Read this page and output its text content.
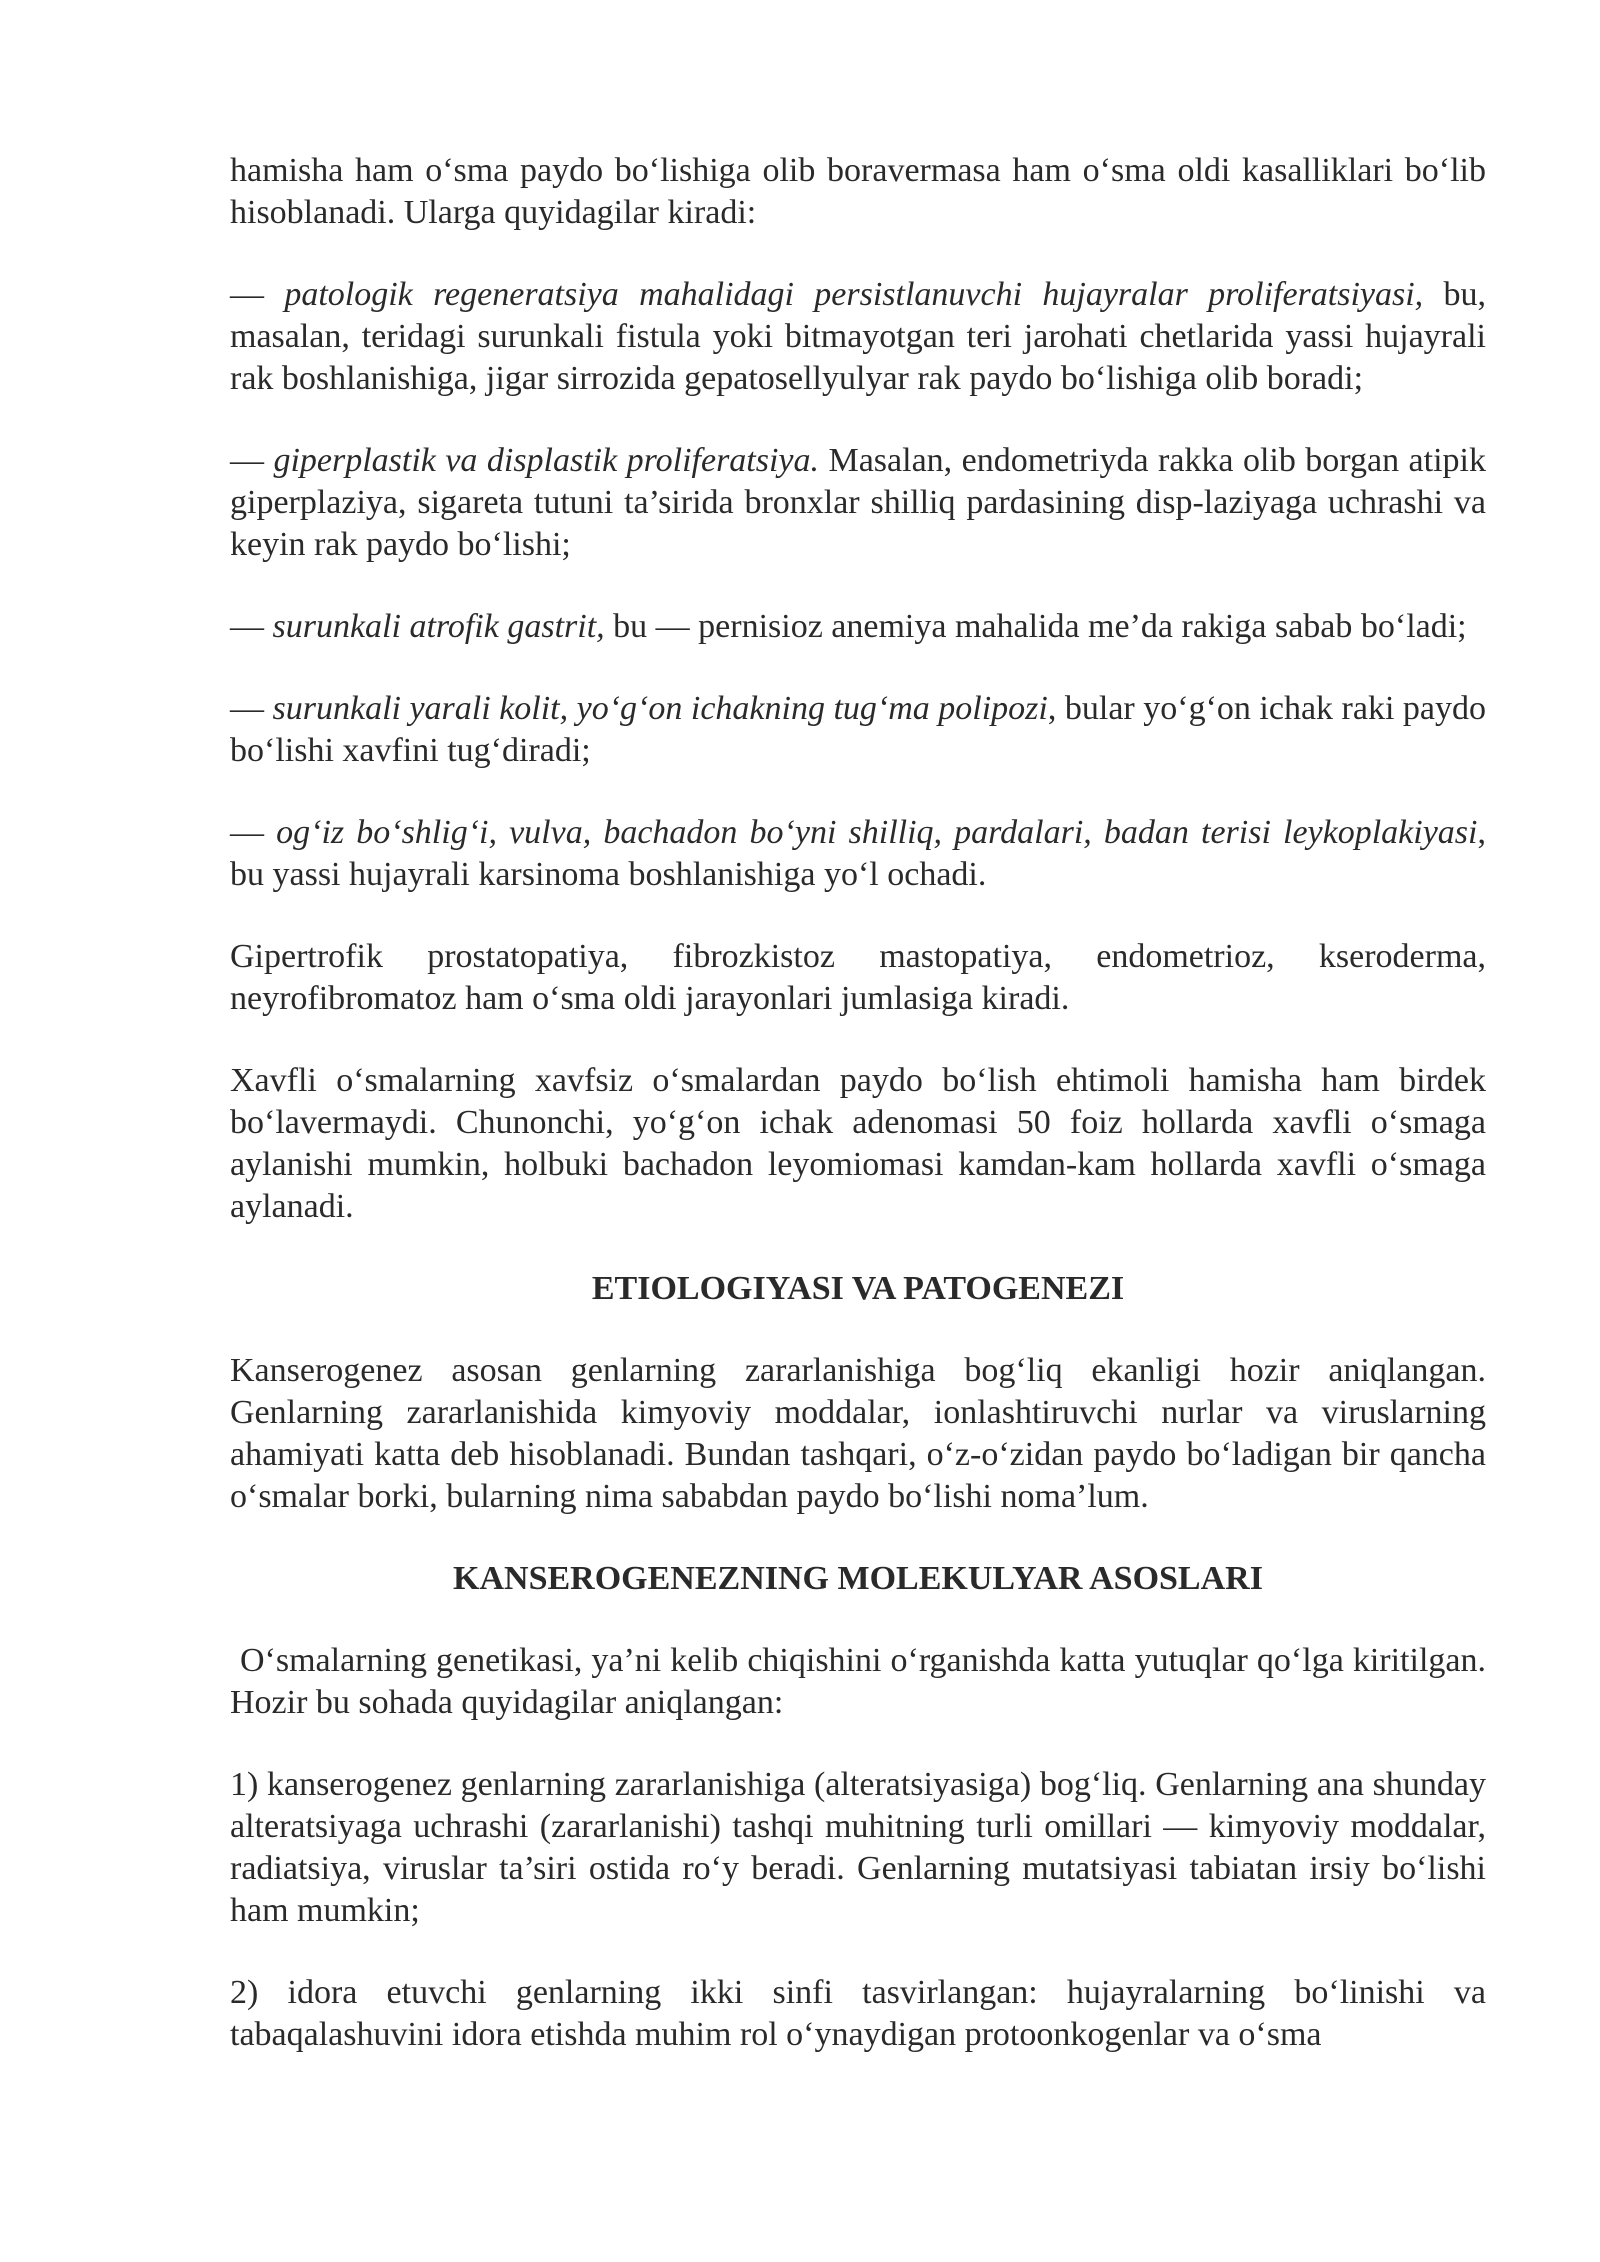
hamisha ham oʻsma paydo boʻlishiga olib boravermasa ham oʻsma oldi kasalliklari boʻlib hisoblanadi. Ularga quyidagilar kiradi:

— patologik regeneratsiya mahalidagi persistlanuvchi hujayralar proliferatsiyasi, bu, masalan, teridagi surunkali fistula yoki bitmayotgan teri jarohati chetlarida yassi hujayrali rak boshlanishiga, jigar sirrozida gepatosellyulyar rak paydo boʻlishiga olib boradi;

— giperplastik va displastik proliferatsiya. Masalan, endometriyda rakka olib borgan atipik giperplaziya, sigareta tutuni ta’sirida bronxlar shilliq pardasining disp-laziyaga uchrashi va keyin rak paydo boʻlishi;

— surunkali atrofik gastrit, bu — pernisioz anemiya mahalida me’da rakiga sabab boʻladi;

— surunkali yarali kolit, yoʻgʻon ichakning tugʻma polipozi, bular yoʻgʻon ichak raki paydo boʻlishi xavfini tugʻdiradi;

— ogʻiz boʻshligʻi, vulva, bachadon boʻyni shilliq, pardalari, badan terisi leykoplakiyasi, bu yassi hujayrali karsinoma boshlanishiga yoʻl ochadi.

Gipertrofik prostatopatiya, fibrozkistoz mastopatiya, endometrioz, kseroderma, neyrofibromatoz ham oʻsma oldi jarayonlari jumlasiga kiradi.

Xavfli oʻsmalarning xavfsiz oʻsmalardan paydo boʻlish ehtimoli hamisha ham birdek boʻlavermaydi. Chunonchi, yoʻgʻon ichak adenomasi 50 foiz hollarda xavfli oʻsmaga aylanishi mumkin, holbuki bachadon leyomiomasi kamdan-kam hollarda xavfli oʻsmaga aylanadi.

ETIOLOGIYASI VA PATOGENEZI

Kanserogenez asosan genlarning zararlanishiga bogʻliq ekanligi hozir aniqlangan. Genlarning zararlanishida kimyoviy moddalar, ionlashtiruvchi nurlar va viruslarning ahamiyati katta deb hisoblanadi. Bundan tashqari, oʻz-oʻzidan paydo boʻladigan bir qancha oʻsmalar borki, bularning nima sababdan paydo boʻlishi noma’lum.

KANSEROGENEZNING MOLEKULYAR ASOSLARI

Oʻsmalarning genetikasi, ya’ni kelib chiqishini oʻrganishda katta yutuqlar qoʻlga kiritilgan. Hozir bu sohada quyidagilar aniqlangan:

1) kanserogenez genlarning zararlanishiga (alteratsiyasiga) bogʻliq. Genlarning ana shunday alteratsiyaga uchrashi (zararlanishi) tashqi muhitning turli omillari — kimyoviy moddalar, radiatsiya, viruslar ta’siri ostida roʻy beradi. Genlarning mutatsiyasi tabiatan irsiy boʻlishi ham mumkin;

2) idora etuvchi genlarning ikki sinfi tasvirlangan: hujayralarning boʻlinishi va tabaqalashuvini idora etishda muhim rol oʻynaydigan protoonkogenlar va oʻsma
